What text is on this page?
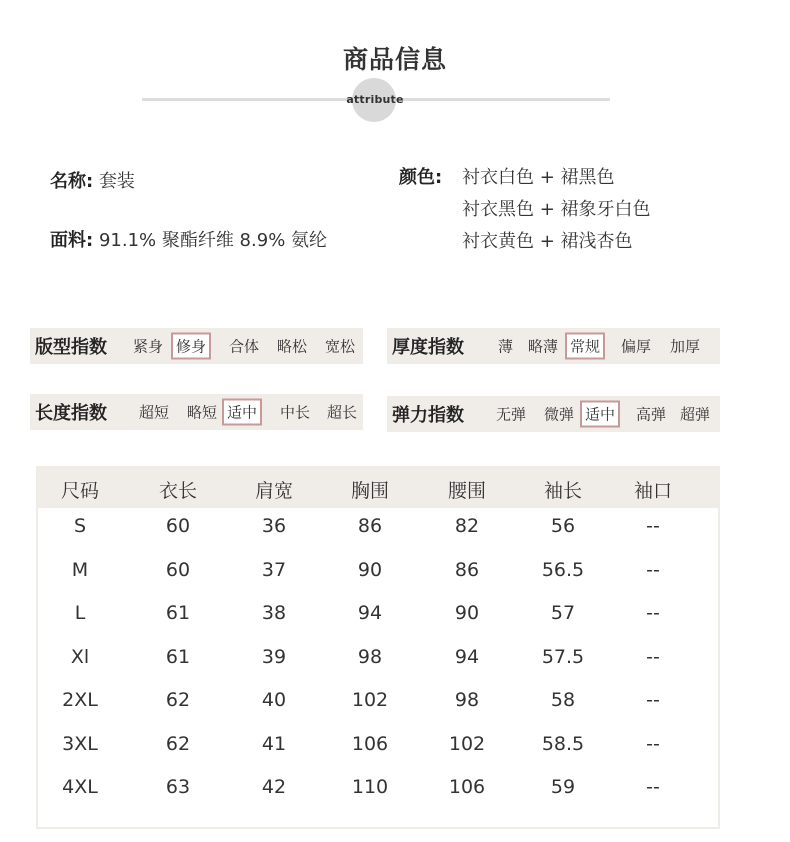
商品信息
attribute
名称: 套装
面料: 91.1% 聚酯纤维 8.9% 氨纶
颜色: 衬衣白色 + 裙黑色
衬衣黑色 + 裙象牙白色
衬衣黄色 + 裙浅杏色
版型指数	紧身 修身	合体	略松	宽松 厚度指数	薄 略薄 常规	偏厚	加厚
长度指数	超短	略短 适中	中长	超长 弹力指数	无弹	微弹 适中	高弹 超弹
尺码	衣长	肩宽	胸围	腰围	袖长	袖口
S	60	36	86	82	56	--
M	60	37	90	86	56.5	--
L	61	38	94	90	57	--
Xl	61	39	98	94	57.5	--
2XL	62	40	102	98	58	--
3XL	62	41	106	102	58.5	--
4XL	63	42	110	106	59	--
